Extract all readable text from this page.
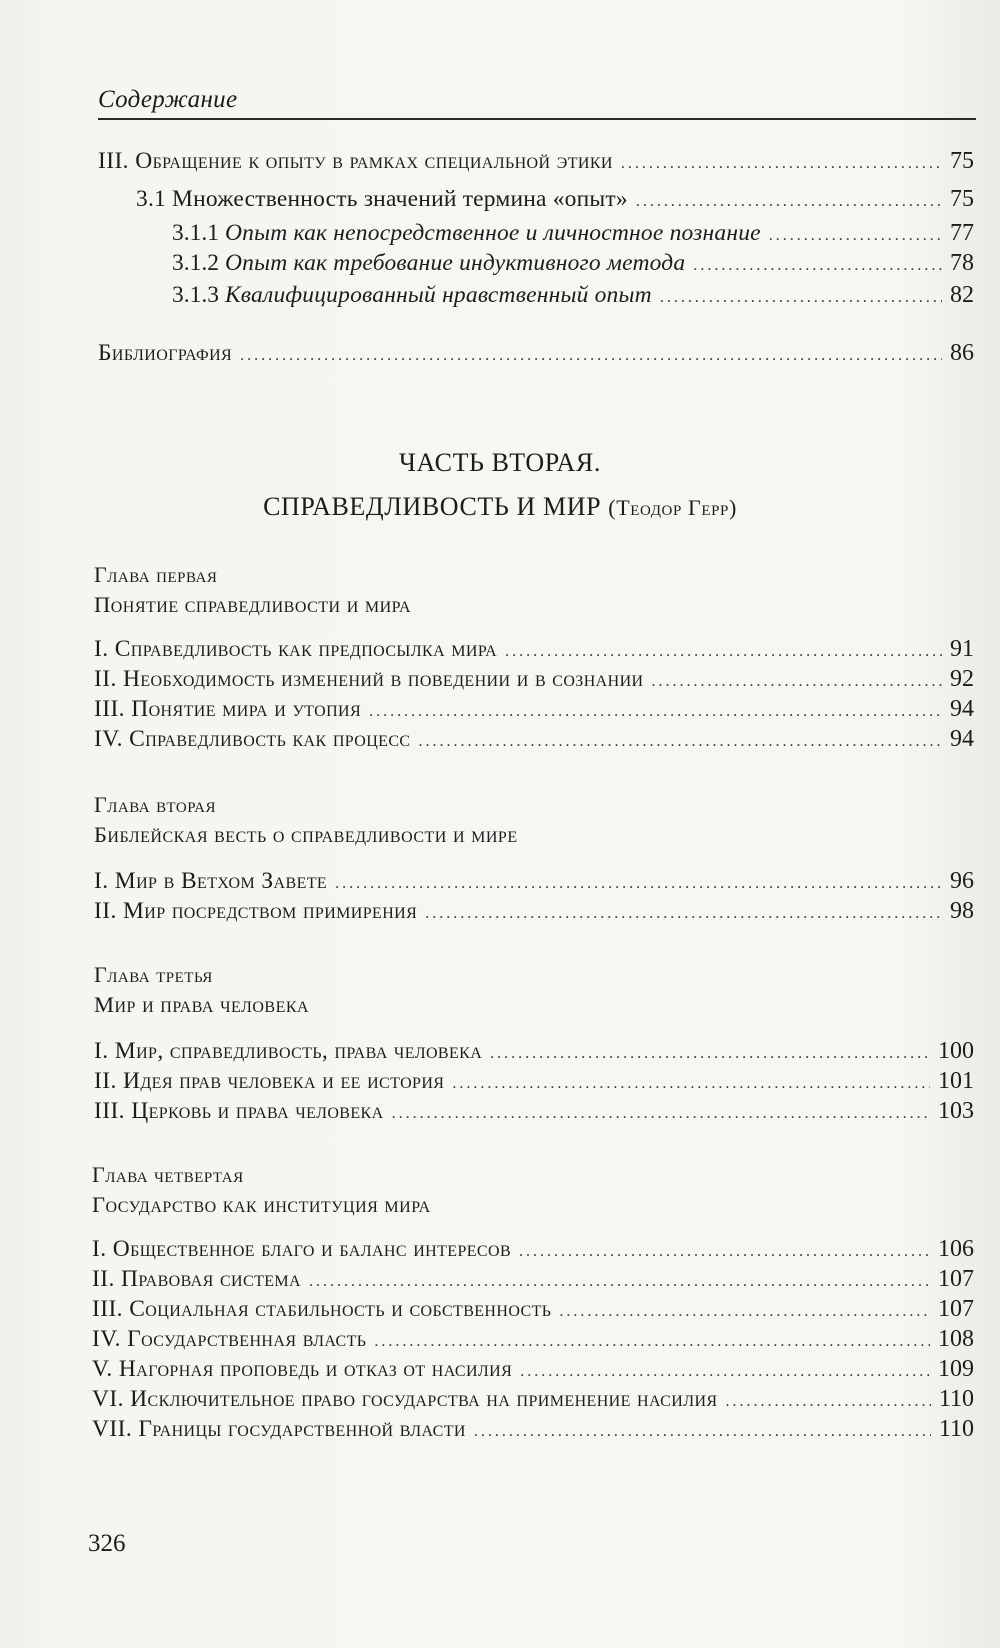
Содержание
III. Обращение к опыту в рамках специальной этики . . .	75
3.1 Множественность значений термина «опыт» . . .	75
3.1.1 Опыт как непосредственное и личностное познание . . .	77
3.1.2 Опыт как требование индуктивного метода . . .	78
3.1.3 Квалифицированный нравственный опыт . . .	82
Библиография . . .	86
ЧАСТЬ ВТОРАЯ.
СПРАВЕДЛИВОСТЬ И МИР (Теодор Герр)
Глава первая
Понятие справедливости и мира
I. Справедливость как предпосылка мира . . .	91
II. Необходимость изменений в поведении и в сознании . . .	92
III. Понятие мира и утопия . . .	94
IV. Справедливость как процесс . . .	94
Глава вторая
Библейская весть о справедливости и мире
I. Мир в Ветхом Завете . . .	96
II. Мир посредством примирения . . .	98
Глава третья
Мир и права человека
I. Мир, справедливость, права человека . . .	100
II. Идея прав человека и ее история . . .	101
III. Церковь и права человека . . .	103
Глава четвертая
Государство как институция мира
I. Общественное благо и баланс интересов . . .	106
II. Правовая система . . .	107
III. Социальная стабильность и собственность . . .	107
IV. Государственная власть . . .	108
V. Нагорная проповедь и отказ от насилия . . .	109
VI. Исключительное право государства на применение насилия . . .	110
VII. Границы государственной власти . . .	110
326
